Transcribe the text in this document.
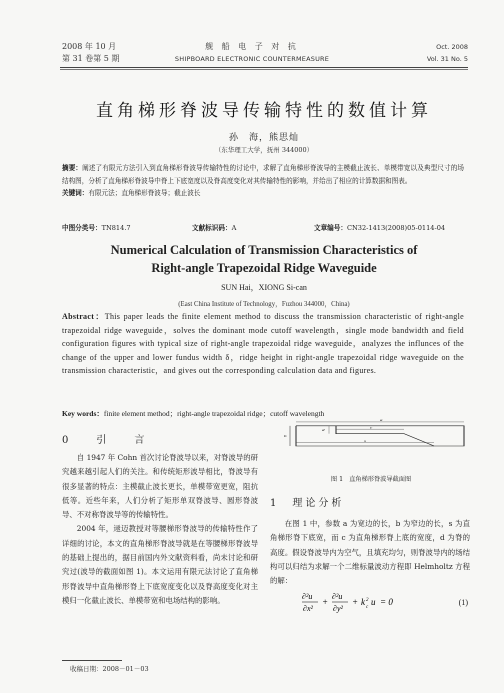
2008 年 10 月
第 31 卷第 5 期
舰 船 电 子 对 抗
SHIPBOARD ELECTRONIC COUNTERMEASURE
Oct. 2008
Vol. 31 No. 5
直角梯形脊波导传输特性的数值计算
孙　海，熊思灿
（东华理工大学，抚州 344000）
摘要：阐述了有限元方法引入到直角梯形脊波导传输特性的讨论中，求解了直角梯形脊波导的主模截止波长、单模带宽以及典型尺寸的场结构图，分析了直角梯形脊波导中脊上下底宽度以及脊高度变化对其传输特性的影响，并给出了相应的计算数据和图表。
关键词：有限元法；直角梯形脊波导；截止波长
中图分类号：TN814.7	文献标识码：A	文章编号：CN32-1413(2008)05-0114-04
Numerical Calculation of Transmission Characteristics of
Right-angle Trapezoidal Ridge Waveguide
SUN Hai，XIONG Si-can
(East China Institute of Technology，Fuzhou 344000，China)
Abstract：This paper leads the finite element method to discuss the transmission characteristic of right-angle trapezoidal ridge waveguide，solves the dominant mode cutoff wavelength，single mode bandwidth and field configuration figures with typical size of right-angle trapezoidal ridge waveguide，analyzes the influnces of the change of the upper and lower fundus width δ，ridge height in right-angle trapezoidal ridge waveguide on the transmission characteristic，and gives out the corresponding calculation data and figures.
Key words：finite element method；right-angle trapezoidal ridge；cutoff wavelength
0　引　言

自 1947 年 Cohn 首次讨论脊波导以来，对脊波导的研究越来越引起人们的关注。和传统矩形波导相比，脊波导有很多显著的特点：主模截止波长更长，单模带宽更宽，阻抗低等。近些年来，人们分析了矩形单双脊波导、圆形脊波导、不对称脊波导等的传输特性。

2004 年，逯迈教授对等腰梯形脊波导的传输特性作了详细的讨论，本文的直角梯形脊波导就是在等腰梯形脊波导的基础上提出的，据目前国内外文献资料看，尚未讨论和研究过(波导的截面如图 1)。本文运用有限元法讨论了直角梯形脊波导中直角梯形脊上下底宽度变化以及脊高度变化对主模归一化截止波长、单模带宽和电场结构的影响。

a
b
c
d
s
图 1　直角梯形脊波导截面图
1　理论分析

在图 1 中，参数 a 为宽边的长，b 为窄边的长，s 为直角梯形脊下底宽，而 c 为直角梯形脊上底的宽度，d 为脊的高度。假设脊波导内为空气，且填充均匀，则脊波导内的场结构可以归结为求解一个二维标量波动方程即 Helmholtz 方程的解：

∂²u
∂x²
+
∂²u
∂y²
+ k
c
2 u = 0	(1)
收稿日期：2008－01－03
